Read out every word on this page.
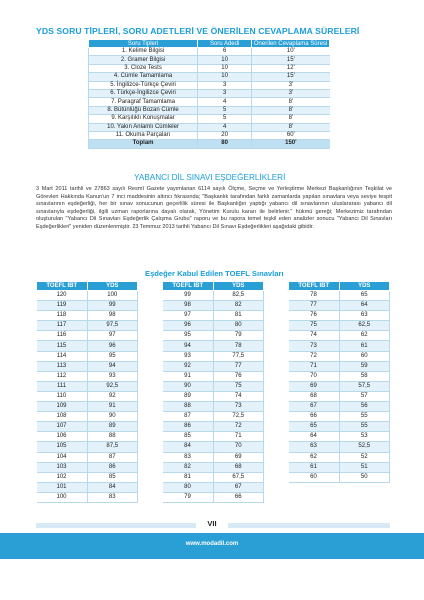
YDS SORU TİPLERİ, SORU ADETLERİ VE ÖNERİLEN CEVAPLAMA SÜRELERİ
Soru Tipleri	Soru Adedi	Önerilen Cevaplama Süresi
1. Kelime Bilgisi	6	10'
2. Gramer Bilgisi	10	15'
3. Cloze Tests	10	12'
4. Cümle Tamamlama	10	15'
5. İngilizce-Türkçe Çeviri	3	3'
6. Türkçe-İngilizce Çeviri	3	3'
7. Paragraf Tamamlama	4	8'
8. Bütünlüğü Bozan Cümle	5	8'
9. Karşılıklı Konuşmalar	5	8'
10. Yakın Anlamlı Cümleler	4	8'
11. Okuma Parçaları	20	60'
Toplam	80	150'
YABANCI DİL SINAVI EŞDEĞERLİKLERİ
3 Mart 2011 tarihli ve 27863 sayılı Resmî Gazete yayımlanan 6114 sayılı Ölçme, Seçme ve Yerleştirme Merkezi Başkanlığının Teşkilat ve Görevleri Hakkında Kanun'un 7 inci maddesinin altıncı fıkrasında; "Başkanlık tarafından farklı zamanlarda yapılan sınavlara veya seviye tespit sınavlarının eşdeğerliği, her bir sınav sonucunun geçerlilik süresi ile Başkanlığın yaptığı yabancı dil sınavlarının uluslararası yabancı dil sınavlarıyla eşdeğerliği, ilgili uzman raporlarına dayalı olarak, Yönetim Kurulu kararı ile belirlenir." hükmü gereği; Merkezimiz tarafından oluşturulan "Yabancı Dil Sınavları Eşdeğerlik Çalışma Grubu" raporu ve bu rapora temel teşkil eden analizler sonucu "Yabancı Dil Sınavları Eşdeğerlikleri" yeniden düzenlenmiştir. 23 Temmuz 2013 tarihli Yabancı Dil Sınavı Eşdeğerlikleri aşağıdaki gibidir.
Eşdeğer Kabul Edilen TOEFL Sınavları
TOEFL IBT	YDS
120	100
119	99
118	98
117	97,5
116	97
115	96
114	95
113	94
112	93
111	92,5
110	92
109	91
108	90
107	89
106	88
105	87,5
104	87
103	86
102	85
101	84
100	83
TOEFL IBT	YDS
99	82,5
98	82
97	81
96	80
95	79
94	78
93	77,5
92	77
91	76
90	75
89	74
88	73
87	72,5
86	72
85	71
84	70
83	69
82	68
81	67,5
80	67
79	66
TOEFL IBT	YDS
78	65
77	64
76	63
75	62,5
74	62
73	61
72	60
71	59
70	58
69	57,5
68	57
67	56
66	55
65	55
64	53
63	52,5
62	52
61	51
60	50
VII
www.modadil.com
